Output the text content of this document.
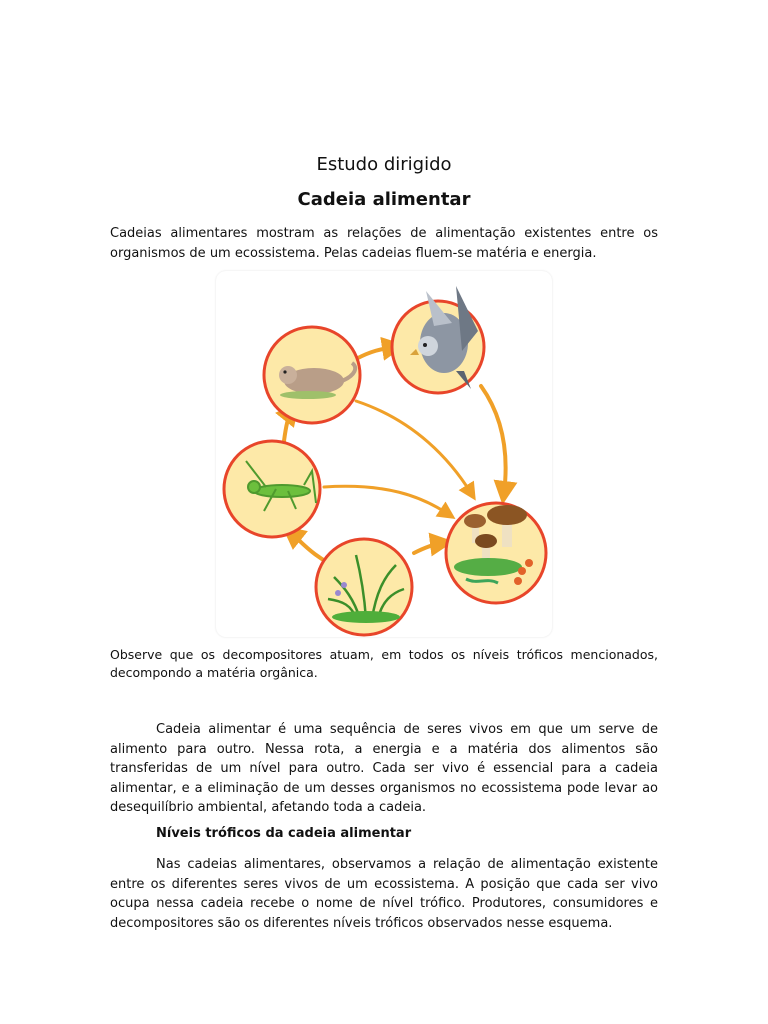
Estudo dirigido
Cadeia alimentar

Cadeias alimentares mostram as relações de alimentação existentes entre os organismos de um ecossistema. Pelas cadeias fluem-se matéria e energia.

Observe que os decompositores atuam, em todos os níveis tróficos mencionados, decompondo a matéria orgânica.

Cadeia alimentar é uma sequência de seres vivos em que um serve de alimento para outro. Nessa rota, a energia e a matéria dos alimentos são transferidas de um nível para outro. Cada ser vivo é essencial para a cadeia alimentar, e a eliminação de um desses organismos no ecossistema pode levar ao desequilíbrio ambiental, afetando toda a cadeia.

Níveis tróficos da cadeia alimentar

Nas cadeias alimentares, observamos a relação de alimentação existente entre os diferentes seres vivos de um ecossistema. A posição que cada ser vivo ocupa nessa cadeia recebe o nome de nível trófico. Produtores, consumidores e decompositores são os diferentes níveis tróficos observados nesse esquema.
